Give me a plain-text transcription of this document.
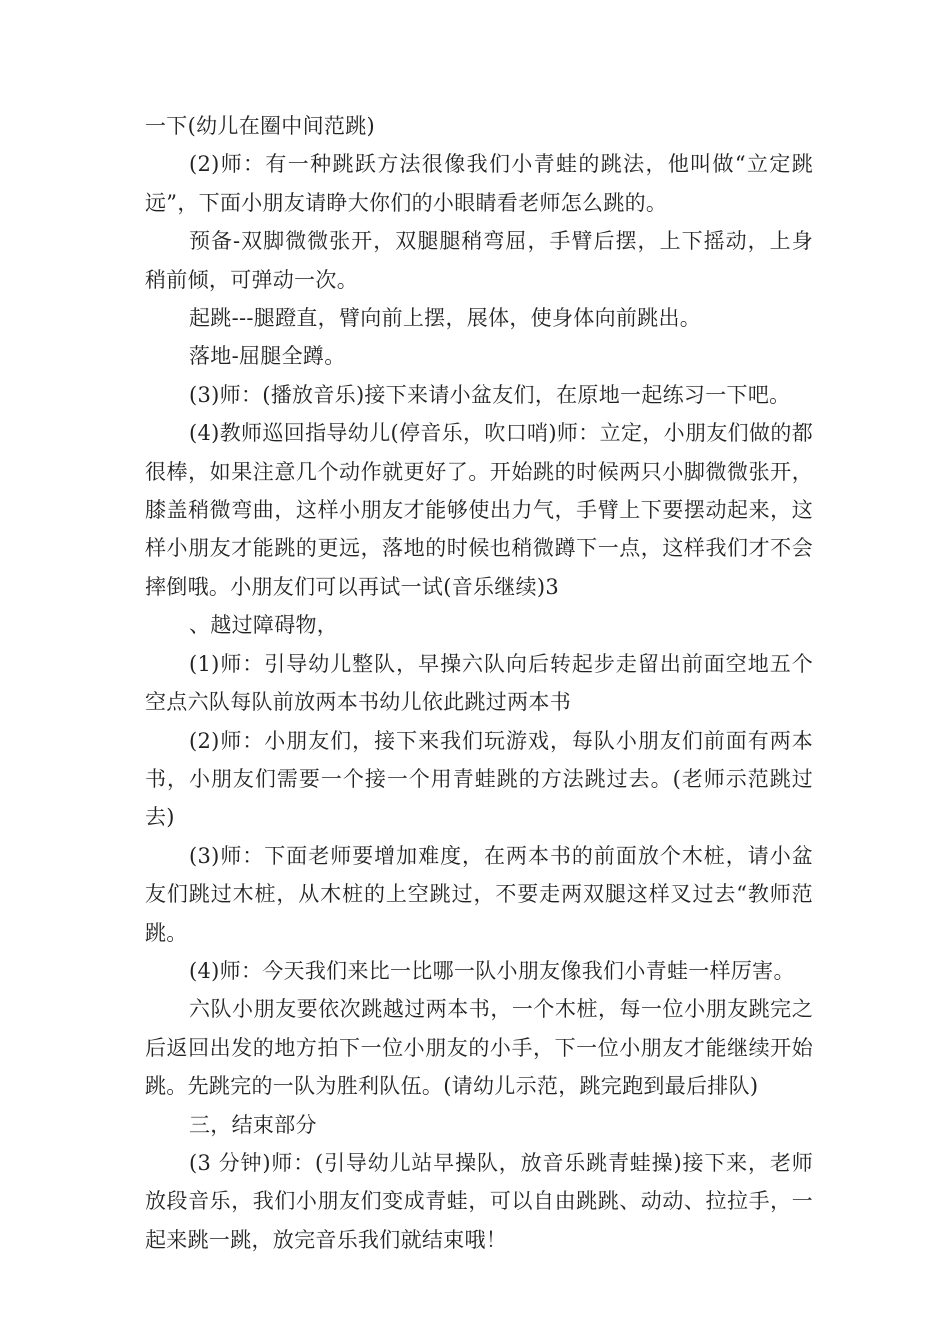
一下(幼儿在圈中间范跳)

(2)师：有一种跳跃方法很像我们小青蛙的跳法，他叫做“立定跳远”，下面小朋友请睁大你们的小眼睛看老师怎么跳的。

预备-双脚微微张开，双腿腿稍弯屈，手臂后摆，上下摇动，上身稍前倾，可弹动一次。

起跳---腿蹬直，臂向前上摆，展体，使身体向前跳出。

落地-屈腿全蹲。

(3)师：(播放音乐)接下来请小盆友们，在原地一起练习一下吧。

(4)教师巡回指导幼儿(停音乐，吹口哨)师：立定，小朋友们做的都很棒，如果注意几个动作就更好了。开始跳的时候两只小脚微微张开，膝盖稍微弯曲，这样小朋友才能够使出力气，手臂上下要摆动起来，这样小朋友才能跳的更远，落地的时候也稍微蹲下一点，这样我们才不会摔倒哦。小朋友们可以再试一试(音乐继续)3

、越过障碍物，

(1)师：引导幼儿整队，早操六队向后转起步走留出前面空地五个空点六队每队前放两本书幼儿依此跳过两本书

(2)师：小朋友们，接下来我们玩游戏，每队小朋友们前面有两本书，小朋友们需要一个接一个用青蛙跳的方法跳过去。(老师示范跳过去)

(3)师：下面老师要增加难度，在两本书的前面放个木桩，请小盆友们跳过木桩，从木桩的上空跳过，不要走两双腿这样叉过去“教师范跳。

(4)师：今天我们来比一比哪一队小朋友像我们小青蛙一样厉害。

六队小朋友要依次跳越过两本书，一个木桩，每一位小朋友跳完之后返回出发的地方拍下一位小朋友的小手，下一位小朋友才能继续开始跳。先跳完的一队为胜利队伍。(请幼儿示范，跳完跑到最后排队)

三，结束部分

(3 分钟)师：(引导幼儿站早操队，放音乐跳青蛙操)接下来，老师放段音乐，我们小朋友们变成青蛙，可以自由跳跳、动动、拉拉手，一起来跳一跳，放完音乐我们就结束哦！
